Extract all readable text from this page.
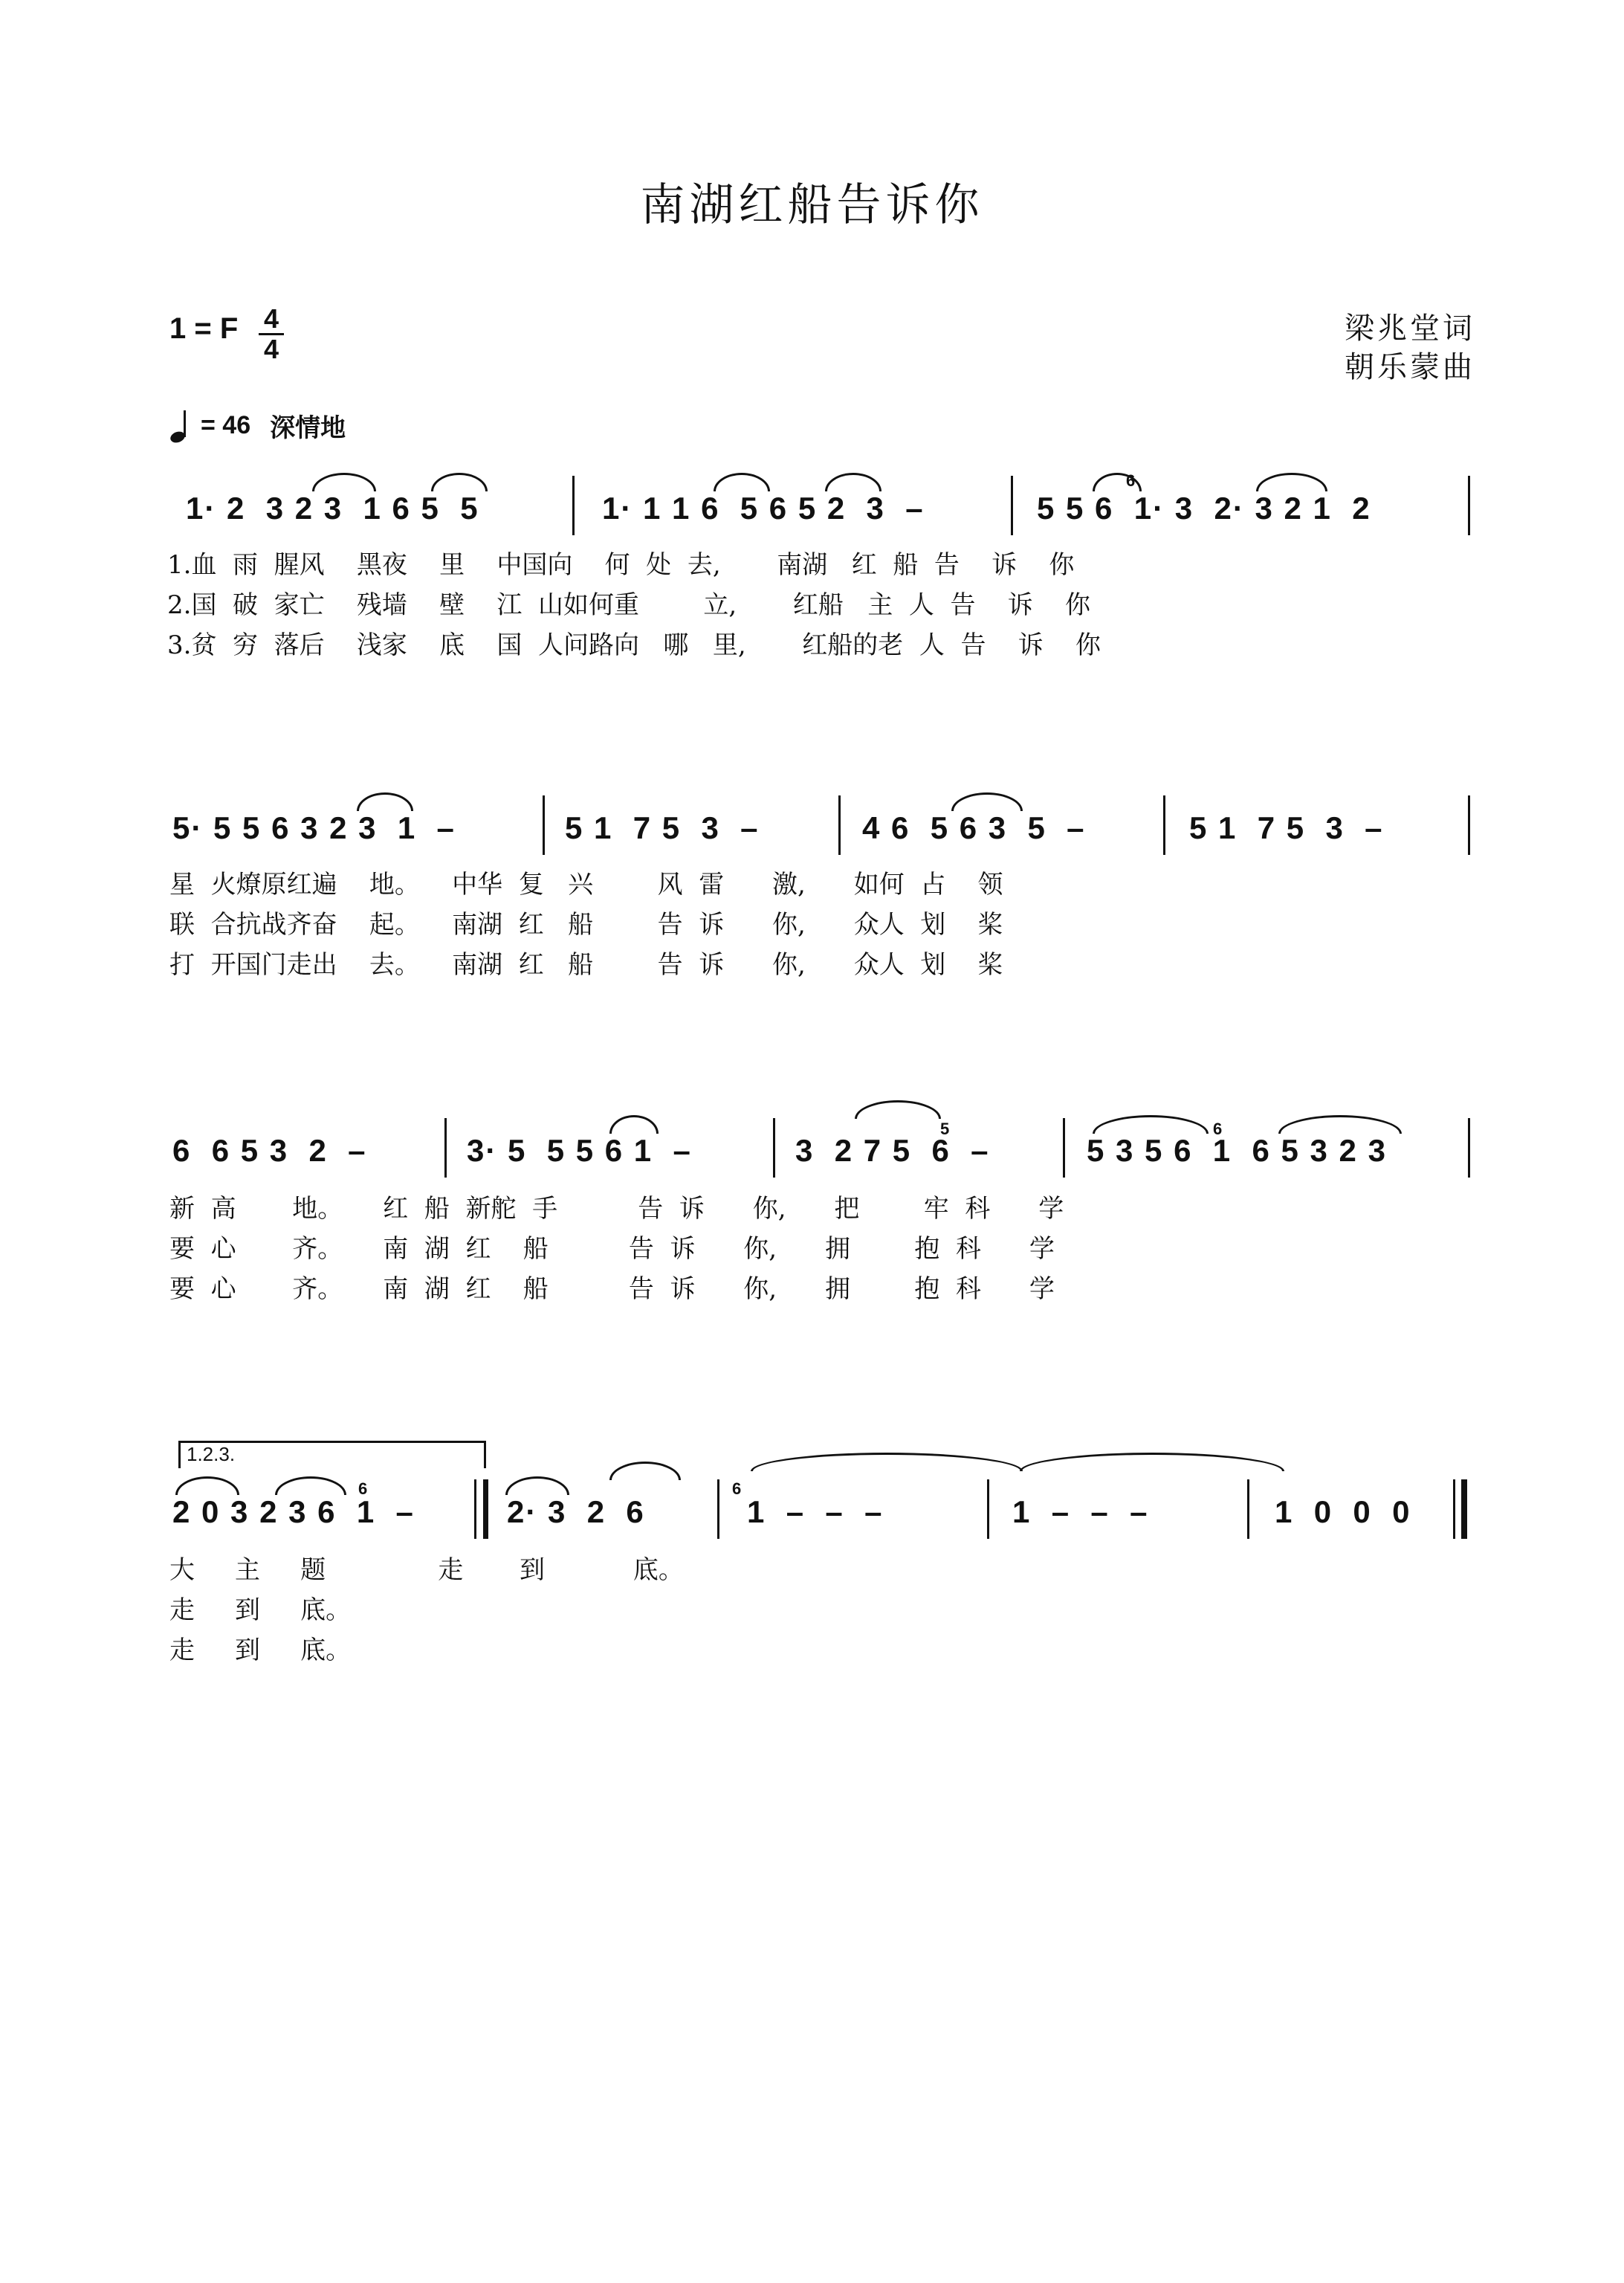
南湖红船告诉你
1 = F 4
4
梁兆堂词
朝乐蒙曲
= 46 深情地
1· 2  3 2 3  1 6 5  5	1· 1 1 6  5 6 5 2  3  –	5 5 6  1· 3  2· 3 2 1  2
6
1.血  雨  腥风    黑夜    里    中国向    何  处  去,       南湖   红  船  告    诉    你
2.国  破  家亡    残墙    壁    江  山如何重        立,       红船   主  人  告    诉    你
3.贫  穷  落后    浅家    底    国  人问路向   哪   里,       红船的老  人  告    诉    你
5· 5 5 6 3 2 3  1  –	5 1  7 5  3  –	4 6  5 6 3  5  –	5 1  7 5  3  –
星  火燎原红遍    地。    中华  复   兴        风  雷      激,      如何  占    领
联  合抗战齐奋    起。    南湖  红   船        告  诉      你,      众人  划    桨
打  开国门走出    去。    南湖  红   船        告  诉      你,      众人  划    桨
6  6 5 3  2  –	3· 5  5 5 6 1  –	3  2 7 5  6  –	5 3 5 6  1  6 5 3 2 3
5	6
新  高       地。     红  船  新舵  手          告  诉      你,      把        牢  科      学
要  心       齐。     南  湖  红    船          告  诉      你,      拥        抱  科      学
要  心       齐。     南  湖  红    船          告  诉      你,      拥        抱  科      学
1.2.3.
2 0 3 2 3 6  1  –	2· 3  2  6	1  –  –  –	1  –  –  –	1  0  0  0
6	6
大     主     题              走       到           底。
走     到     底。
走     到     底。
